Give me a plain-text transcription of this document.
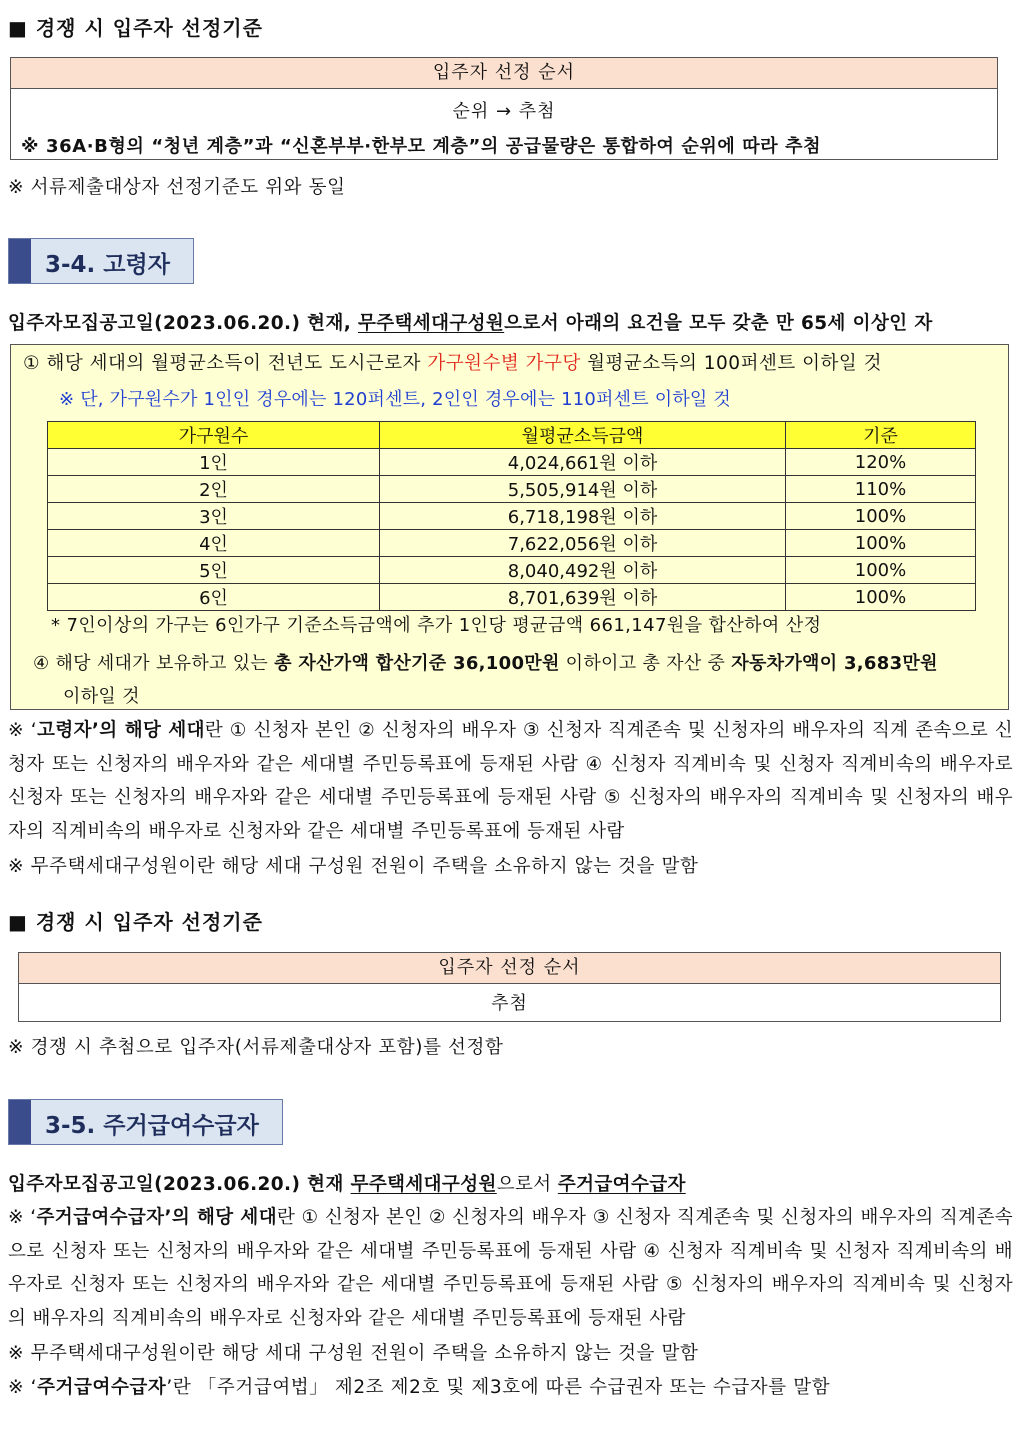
■ 경쟁 시 입주자 선정기준
입주자 선정 순서
순위 → 추첨
※ 36A·B형의 “청년 계층”과 “신혼부부·한부모 계층”의 공급물량은 통합하여 순위에 따라 추첨
※ 서류제출대상자 선정기준도 위와 동일
3-4. 고령자
입주자모집공고일(2023.06.20.) 현재, 무주택세대구성원으로서 아래의 요건을 모두 갖춘 만 65세 이상인 자
① 해당 세대의 월평균소득이 전년도 도시근로자 가구원수별 가구당 월평균소득의 100퍼센트 이하일 것
※ 단, 가구원수가 1인인 경우에는 120퍼센트, 2인인 경우에는 110퍼센트 이하일 것
가구원수	월평균소득금액	기준
1인	4,024,661원 이하	120%
2인	5,505,914원 이하	110%
3인	6,718,198원 이하	100%
4인	7,622,056원 이하	100%
5인	8,040,492원 이하	100%
6인	8,701,639원 이하	100%
* 7인이상의 가구는 6인가구 기준소득금액에 추가 1인당 평균금액 661,147원을 합산하여 산정
④ 해당 세대가 보유하고 있는 총 자산가액 합산기준 36,100만원 이하이고 총 자산 중 자동차가액이 3,683만원
이하일 것
※ ‘고령자’의 해당 세대란 ① 신청자 본인 ② 신청자의 배우자 ③ 신청자 직계존속 및 신청자의 배우자의 직계 존속으로 신청자 또는 신청자의 배우자와 같은 세대별 주민등록표에 등재된 사람 ④ 신청자 직계비속 및 신청자 직계비속의 배우자로 신청자 또는 신청자의 배우자와 같은 세대별 주민등록표에 등재된 사람 ⑤ 신청자의 배우자의 직계비속 및 신청자의 배우자의 직계비속의 배우자로 신청자와 같은 세대별 주민등록표에 등재된 사람
※ 무주택세대구성원이란 해당 세대 구성원 전원이 주택을 소유하지 않는 것을 말함
■ 경쟁 시 입주자 선정기준
입주자 선정 순서
추첨
※ 경쟁 시 추첨으로 입주자(서류제출대상자 포함)를 선정함
3-5. 주거급여수급자
입주자모집공고일(2023.06.20.) 현재 무주택세대구성원으로서 주거급여수급자
※ ‘주거급여수급자’의 해당 세대란 ① 신청자 본인 ② 신청자의 배우자 ③ 신청자 직계존속 및 신청자의 배우자의 직계존속으로 신청자 또는 신청자의 배우자와 같은 세대별 주민등록표에 등재된 사람 ④ 신청자 직계비속 및 신청자 직계비속의 배우자로 신청자 또는 신청자의 배우자와 같은 세대별 주민등록표에 등재된 사람 ⑤ 신청자의 배우자의 직계비속 및 신청자의 배우자의 직계비속의 배우자로 신청자와 같은 세대별 주민등록표에 등재된 사람
※ 무주택세대구성원이란 해당 세대 구성원 전원이 주택을 소유하지 않는 것을 말함
※ ‘주거급여수급자’란 「주거급여법」 제2조 제2호 및 제3호에 따른 수급권자 또는 수급자를 말함
